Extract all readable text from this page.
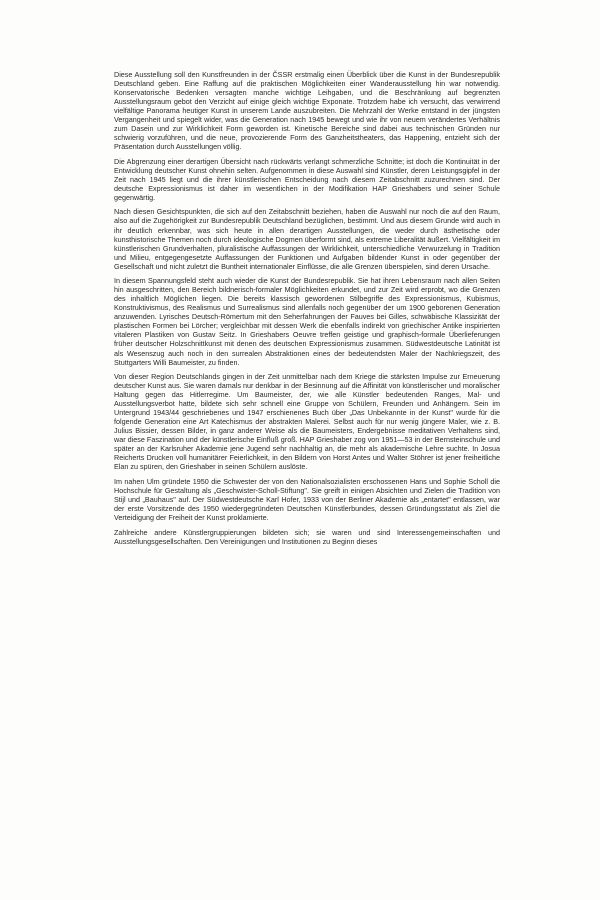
Diese Ausstellung soll den Kunstfreunden in der ČSSR erstmalig einen Überblick über die Kunst in der Bundesrepublik Deutschland geben. Eine Raffung auf die praktischen Möglichkeiten einer Wanderausstellung hin war notwendig. Konservatorische Bedenken versagten manche wichtige Leihgaben, und die Beschränkung auf begrenzten Ausstellungsraum gebot den Verzicht auf einige gleich wichtige Exponate. Trotzdem habe ich versucht, das verwirrend vielfältige Panorama heutiger Kunst in unserem Lande auszubreiten. Die Mehrzahl der Werke entstand in der jüngsten Vergangenheit und spiegelt wider, was die Generation nach 1945 bewegt und wie ihr von neuem verändertes Verhältnis zum Dasein und zur Wirklichkeit Form geworden ist. Kinetische Bereiche sind dabei aus technischen Gründen nur schwierig vorzuführen, und die neue, provozierende Form des Ganzheitstheaters, das Happening, entzieht sich der Präsentation durch Ausstellungen völlig.

Die Abgrenzung einer derartigen Übersicht nach rückwärts verlangt schmerzliche Schnitte; ist doch die Kontinuität in der Entwicklung deutscher Kunst ohnehin selten. Aufgenommen in diese Auswahl sind Künstler, deren Leistungsgipfel in der Zeit nach 1945 liegt und die ihrer künstlerischen Entscheidung nach diesem Zeitabschnitt zuzurechnen sind. Der deutsche Expressionismus ist daher im wesentlichen in der Modifikation HAP Grieshabers und seiner Schule gegenwärtig.

Nach diesen Gesichtspunkten, die sich auf den Zeitabschnitt beziehen, haben die Auswahl nur noch die auf den Raum, also auf die Zugehörigkeit zur Bundesrepublik Deutschland bezüglichen, bestimmt. Und aus diesem Grunde wird auch in ihr deutlich erkennbar, was sich heute in allen derartigen Ausstellungen, die weder durch ästhetische oder kunsthistorische Themen noch durch ideologische Dogmen überformt sind, als extreme Liberalität äußert. Vielfältigkeit im künstlerischen Grundverhalten, pluralistische Auffassungen der Wirklichkeit, unterschiedliche Verwurzelung in Tradition und Milieu, entgegengesetzte Auffassungen der Funktionen und Aufgaben bildender Kunst in oder gegenüber der Gesellschaft und nicht zuletzt die Buntheit internationaler Einflüsse, die alle Grenzen überspielen, sind deren Ursache.

In diesem Spannungsfeld steht auch wieder die Kunst der Bundesrepublik. Sie hat ihren Lebensraum nach allen Seiten hin ausgeschritten, den Bereich bildnerisch-formaler Möglichkeiten erkundet, und zur Zeit wird erprobt, wo die Grenzen des inhaltlich Möglichen liegen. Die bereits klassisch gewordenen Stilbegriffe des Expressionismus, Kubismus, Konstruktivismus, des Realismus und Surrealismus sind allenfalls noch gegenüber der um 1900 geborenen Generation anzuwenden. Lyrisches Deutsch-Römertum mit den Seherfahrungen der Fauves bei Gilles, schwäbische Klassizität der plastischen Formen bei Lörcher; vergleichbar mit dessen Werk die ebenfalls indirekt von griechischer Antike inspirierten vitaleren Plastiken von Gustav Seitz. In Grieshabers Oeuvre treffen geistige und graphisch-formale Überlieferungen früher deutscher Holzschnittkunst mit denen des deutschen Expressionismus zusammen. Südwestdeutsche Latinität ist als Wesenszug auch noch in den surrealen Abstraktionen eines der bedeutendsten Maler der Nachkriegszeit, des Stuttgarters Willi Baumeister, zu finden.

Von dieser Region Deutschlands gingen in der Zeit unmittelbar nach dem Kriege die stärksten Impulse zur Erneuerung deutscher Kunst aus. Sie waren damals nur denkbar in der Besinnung auf die Affinität von künstlerischer und moralischer Haltung gegen das Hitlerregime. Um Baumeister, der, wie alle Künstler bedeutenden Ranges, Mal- und Ausstellungsverbot hatte, bildete sich sehr schnell eine Gruppe von Schülern, Freunden und Anhängern. Sein im Untergrund 1943/44 geschriebenes und 1947 erschienenes Buch über „Das Unbekannte in der Kunst" wurde für die folgende Generation eine Art Katechismus der abstrakten Malerei. Selbst auch für nur wenig jüngere Maler, wie z. B. Julius Bissier, dessen Bilder, in ganz anderer Weise als die Baumeisters, Endergebnisse meditativen Verhaltens sind, war diese Faszination und der künstlerische Einfluß groß. HAP Grieshaber zog von 1951—53 in der Bernsteinschule und später an der Karlsruher Akademie jene Jugend sehr nachhaltig an, die mehr als akademische Lehre suchte. In Josua Reicherts Drucken voll humanitärer Feierlichkeit, in den Bildern von Horst Antes und Walter Stöhrer ist jener freiheitliche Elan zu spüren, den Grieshaber in seinen Schülern auslöste.

Im nahen Ulm gründete 1950 die Schwester der von den Nationalsozialisten erschossenen Hans und Sophie Scholl die Hochschule für Gestaltung als „Geschwister-Scholl-Stiftung". Sie greift in einigen Absichten und Zielen die Tradition von Stijl und „Bauhaus" auf. Der Südwestdeutsche Karl Hofer, 1933 von der Berliner Akademie als „entartet" entlassen, war der erste Vorsitzende des 1950 wiedergegründeten Deutschen Künstlerbundes, dessen Gründungsstatut als Ziel die Verteidigung der Freiheit der Kunst proklamierte.

Zahlreiche andere Künstlergruppierungen bildeten sich; sie waren und sind Interessengemeinschaften und Ausstellungsgesellschaften. Den Vereinigungen und Institutionen zu Beginn dieses
